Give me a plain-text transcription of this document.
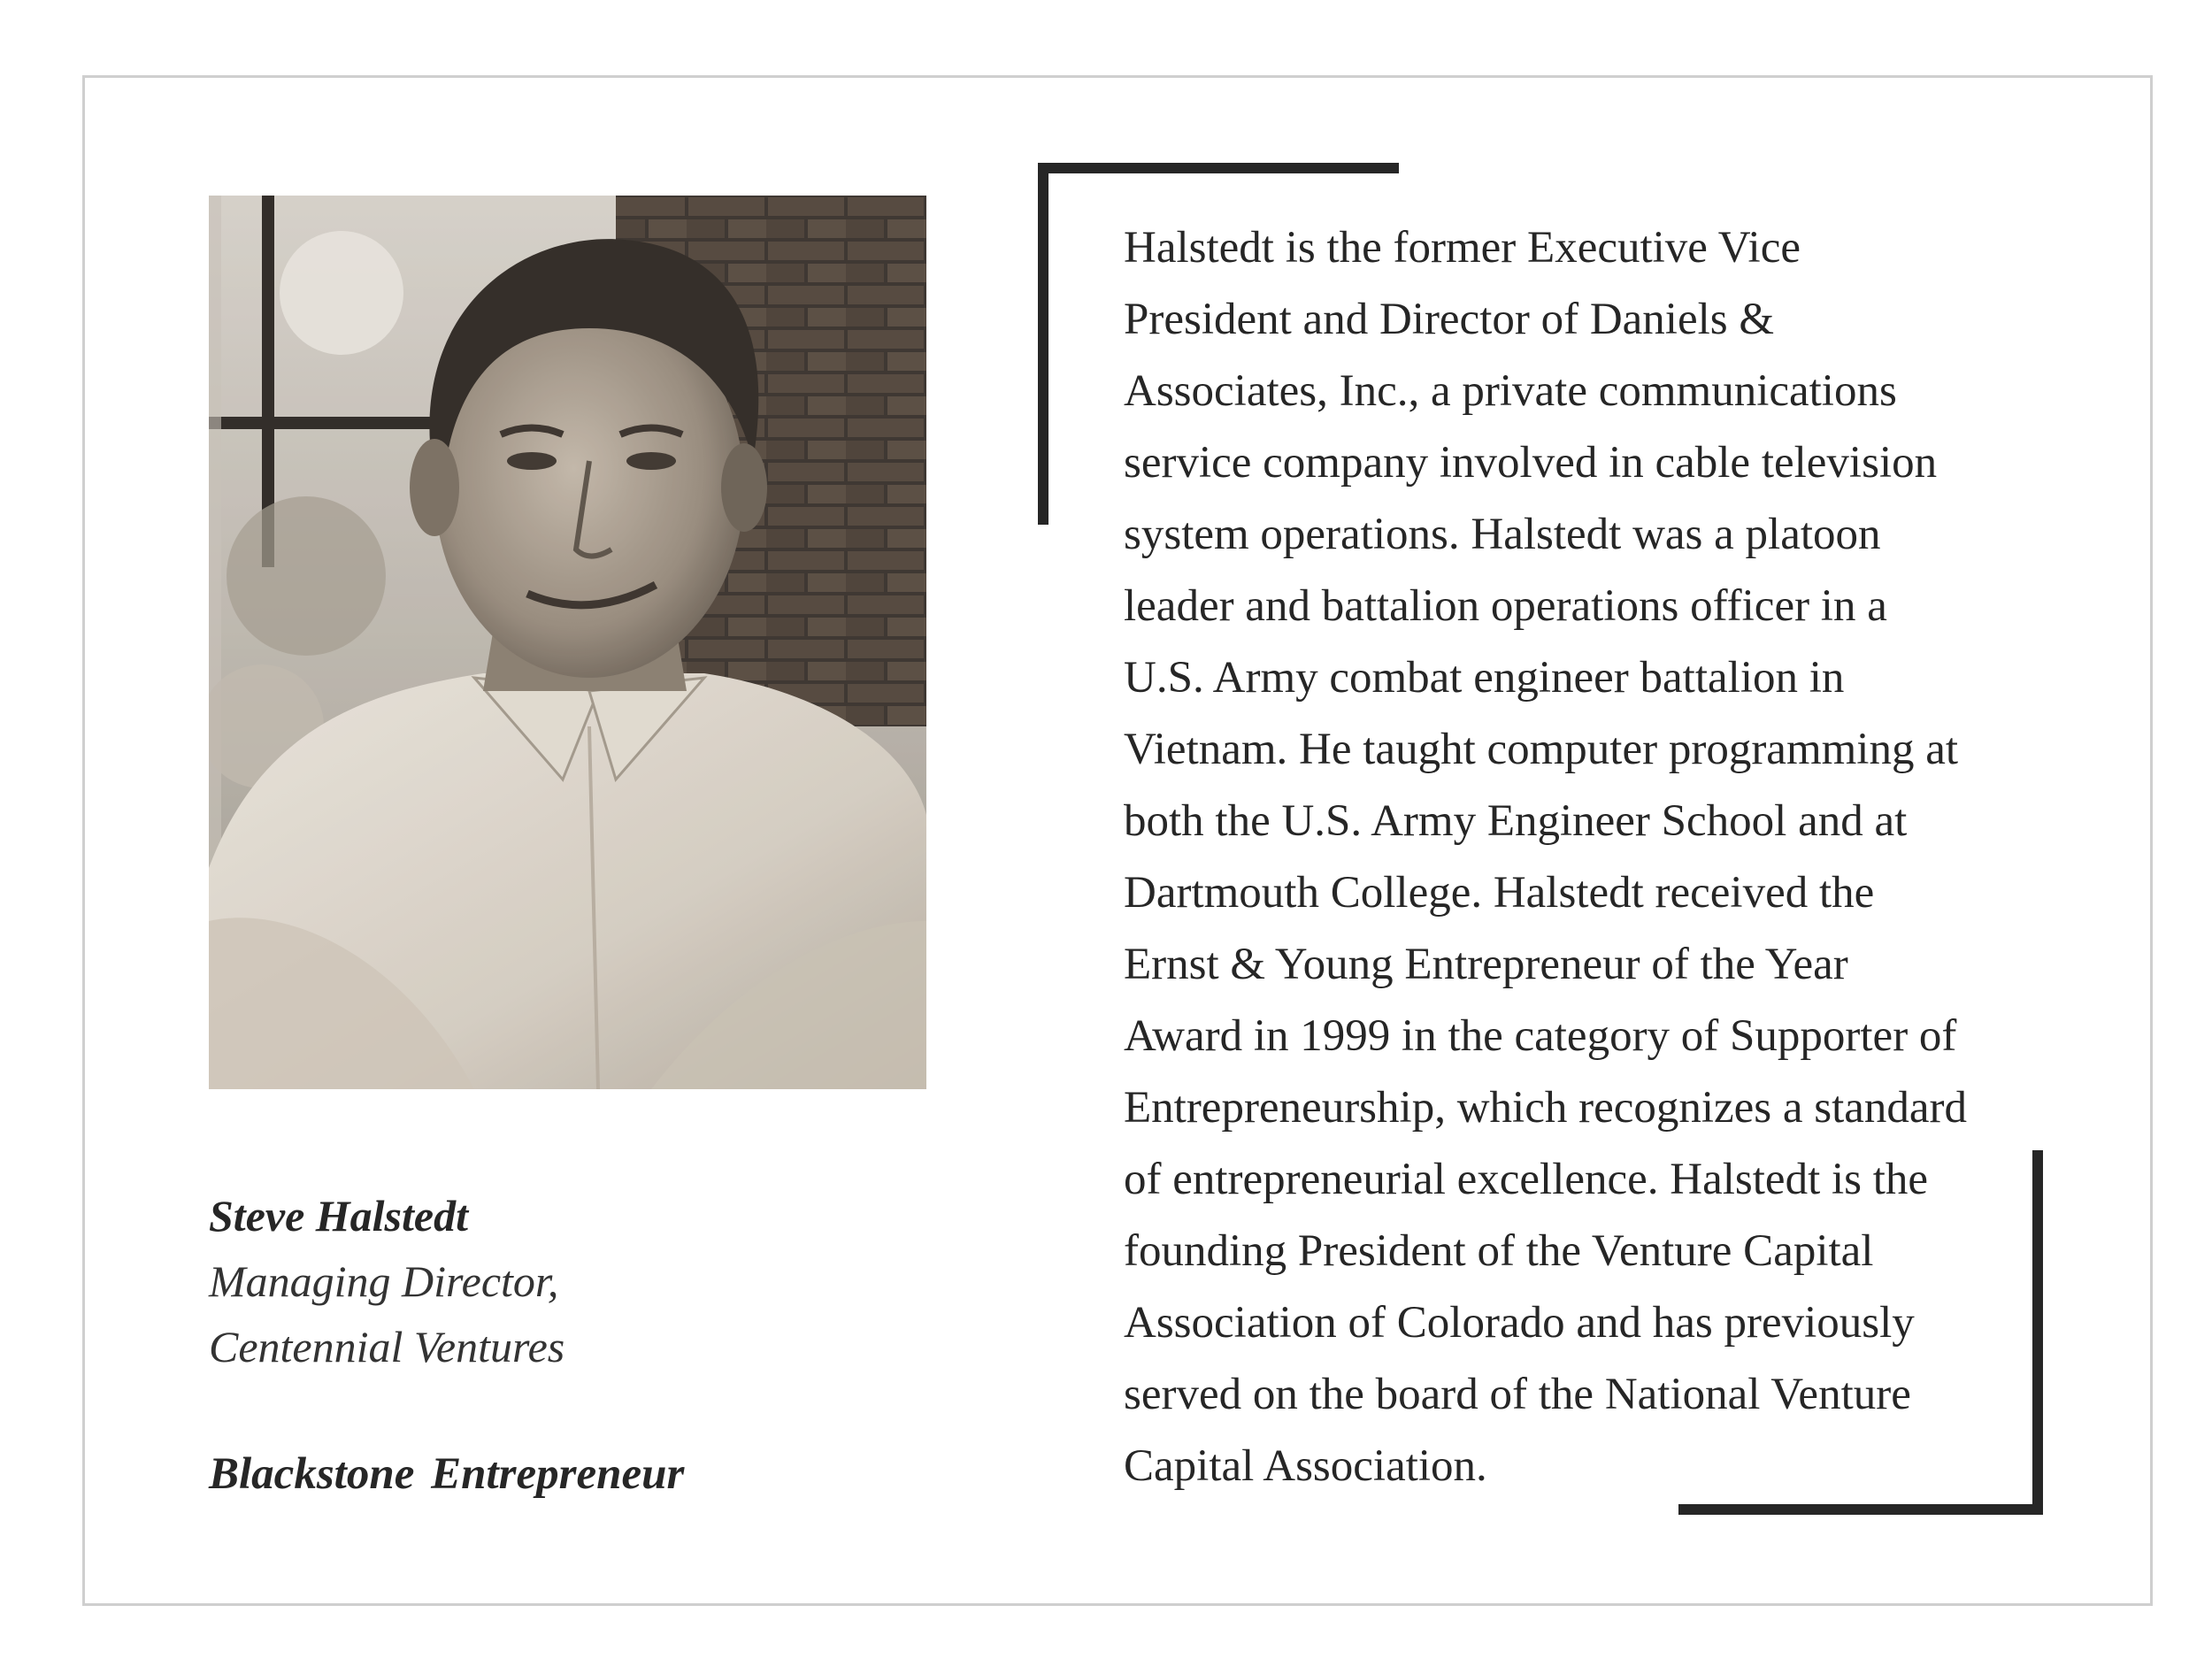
Steve Halstedt
Managing Director,
Centennial Ventures
Blackstone Entrepreneur

Halstedt is the former Executive Vice

President and Director of Daniels &

Associates, Inc., a private communications

service company involved in cable television

system operations. Halstedt was a platoon

leader and battalion operations officer in a

U.S. Army combat engineer battalion in

Vietnam. He taught computer programming at

both the U.S. Army Engineer School and at

Dartmouth College. Halstedt received the

Ernst & Young Entrepreneur of the Year

Award in 1999 in the category of Supporter of

Entrepreneurship, which recognizes a standard

of entrepreneurial excellence. Halstedt is the

founding President of the Venture Capital

Association of Colorado and has previously

served on the board of the National Venture

Capital Association.
